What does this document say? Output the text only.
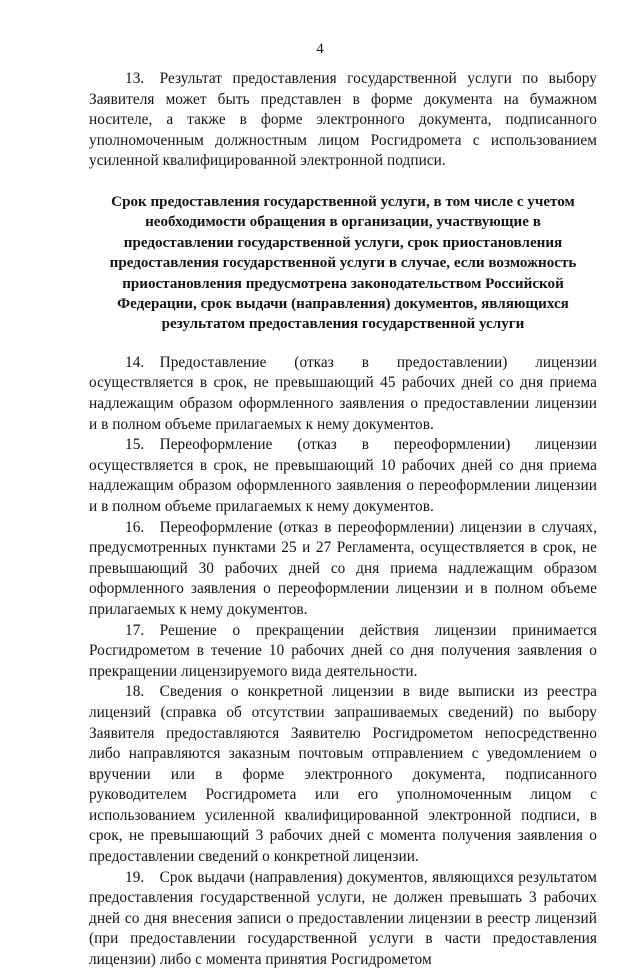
4

13. Результат предоставления государственной услуги по выбору Заявителя может быть представлен в форме документа на бумажном носителе, а также в форме электронного документа, подписанного уполномоченным должностным лицом Росгидромета с использованием усиленной квалифицированной электронной подписи.

Срок предоставления государственной услуги, в том числе с учетом необходимости обращения в организации, участвующие в предоставлении государственной услуги, срок приостановления предоставления государственной услуги в случае, если возможность приостановления предусмотрена законодательством Российской Федерации, срок выдачи (направления) документов, являющихся результатом предоставления государственной услуги

14. Предоставление (отказ в предоставлении) лицензии осуществляется в срок, не превышающий 45 рабочих дней со дня приема надлежащим образом оформленного заявления о предоставлении лицензии и в полном объеме прилагаемых к нему документов.

15. Переоформление (отказ в переоформлении) лицензии осуществляется в срок, не превышающий 10 рабочих дней со дня приема надлежащим образом оформленного заявления о переоформлении лицензии и в полном объеме прилагаемых к нему документов.

16. Переоформление (отказ в переоформлении) лицензии в случаях, предусмотренных пунктами 25 и 27 Регламента, осуществляется в срок, не превышающий 30 рабочих дней со дня приема надлежащим образом оформленного заявления о переоформлении лицензии и в полном объеме прилагаемых к нему документов.

17. Решение о прекращении действия лицензии принимается Росгидрометом в течение 10 рабочих дней со дня получения заявления о прекращении лицензируемого вида деятельности.

18. Сведения о конкретной лицензии в виде выписки из реестра лицензий (справка об отсутствии запрашиваемых сведений) по выбору Заявителя предоставляются Заявителю Росгидрометом непосредственно либо направляются заказным почтовым отправлением с уведомлением о вручении или в форме электронного документа, подписанного руководителем Росгидромета или его уполномоченным лицом с использованием усиленной квалифицированной электронной подписи, в срок, не превышающий 3 рабочих дней с момента получения заявления о предоставлении сведений о конкретной лицензии.

19. Срок выдачи (направления) документов, являющихся результатом предоставления государственной услуги, не должен превышать 3 рабочих дней со дня внесения записи о предоставлении лицензии в реестр лицензий (при предоставлении государственной услуги в части предоставления лицензии) либо с момента принятия Росгидрометом
